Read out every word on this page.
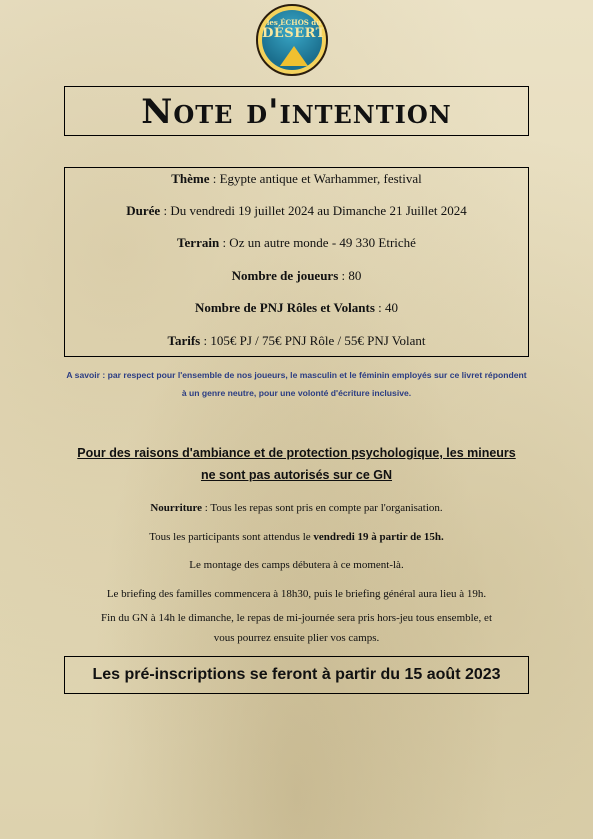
les ÉCHOS du
DÉSERT
Note d'intention
Thème : Egypte antique et Warhammer, festival
Durée : Du vendredi 19 juillet 2024 au Dimanche 21 Juillet 2024
Terrain : Oz un autre monde - 49 330 Etriché
Nombre de joueurs : 80
Nombre de PNJ Rôles et Volants : 40
Tarifs : 105€ PJ / 75€ PNJ Rôle / 55€ PNJ Volant
A savoir : par respect pour l'ensemble de nos joueurs, le masculin et le féminin employés sur ce livret répondent à un genre neutre, pour une volonté d'écriture inclusive.
Pour des raisons d'ambiance et de protection psychologique, les mineurs ne sont pas autorisés sur ce GN
Nourriture : Tous les repas sont pris en compte par l'organisation.
Tous les participants sont attendus le vendredi 19 à partir de 15h.
Le montage des camps débutera à ce moment-là.
Le briefing des familles commencera à 18h30, puis le briefing général aura lieu à 19h.
Fin du GN à 14h le dimanche, le repas de mi-journée sera pris hors-jeu tous ensemble, et
vous pourrez ensuite plier vos camps.
Les pré-inscriptions se feront à partir du 15 août 2023
